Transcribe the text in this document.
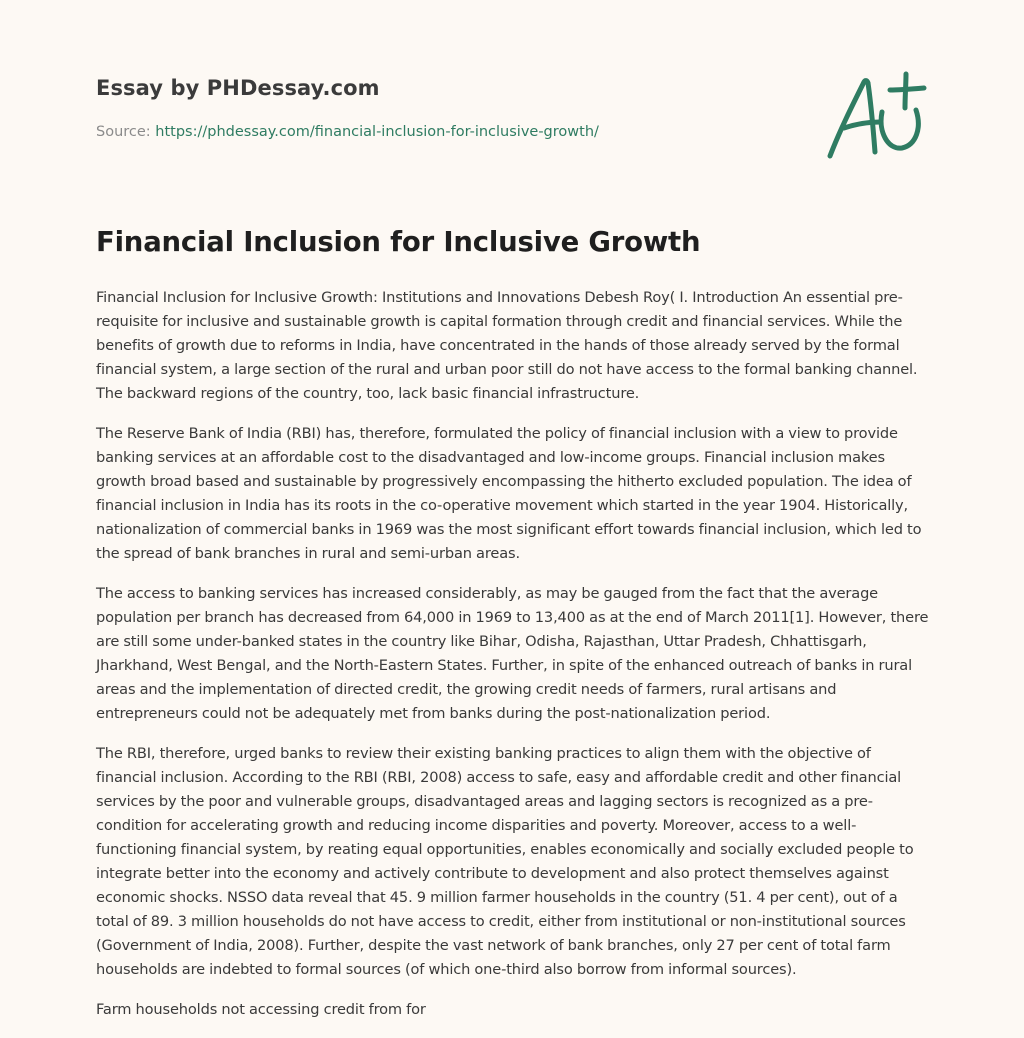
Essay by PHDessay.com
Source: https://phdessay.com/financial-inclusion-for-inclusive-growth/
Financial Inclusion for Inclusive Growth

Financial Inclusion for Inclusive Growth: Institutions and Innovations Debesh Roy( I. Introduction An essential pre-requisite for inclusive and sustainable growth is capital formation through credit and financial services. While the benefits of growth due to reforms in India, have concentrated in the hands of those already served by the formal financial system, a large section of the rural and urban poor still do not have access to the formal banking channel. The backward regions of the country, too, lack basic financial infrastructure.

The Reserve Bank of India (RBI) has, therefore, formulated the policy of financial inclusion with a view to provide banking services at an affordable cost to the disadvantaged and low-income groups. Financial inclusion makes growth broad based and sustainable by progressively encompassing the hitherto excluded population. The idea of financial inclusion in India has its roots in the co-operative movement which started in the year 1904. Historically, nationalization of commercial banks in 1969 was the most significant effort towards financial inclusion, which led to the spread of bank branches in rural and semi-urban areas.

The access to banking services has increased considerably, as may be gauged from the fact that the average population per branch has decreased from 64,000 in 1969 to 13,400 as at the end of March 2011[1]. However, there are still some under-banked states in the country like Bihar, Odisha, Rajasthan, Uttar Pradesh, Chhattisgarh, Jharkhand, West Bengal, and the North-Eastern States. Further, in spite of the enhanced outreach of banks in rural areas and the implementation of directed credit, the growing credit needs of farmers, rural artisans and entrepreneurs could not be adequately met from banks during the post-nationalization period.

The RBI, therefore, urged banks to review their existing banking practices to align them with the objective of financial inclusion. According to the RBI (RBI, 2008) access to safe, easy and affordable credit and other financial services by the poor and vulnerable groups, disadvantaged areas and lagging sectors is recognized as a pre-condition for accelerating growth and reducing income disparities and poverty. Moreover, access to a well-functioning financial system, by reating equal opportunities, enables economically and socially excluded people to integrate better into the economy and actively contribute to development and also protect themselves against economic shocks. NSSO data reveal that 45. 9 million farmer households in the country (51. 4 per cent), out of a total of 89. 3 million households do not have access to credit, either from institutional or non-institutional sources (Government of India, 2008). Further, despite the vast network of bank branches, only 27 per cent of total farm households are indebted to formal sources (of which one-third also borrow from informal sources).

Farm households not accessing credit from for
